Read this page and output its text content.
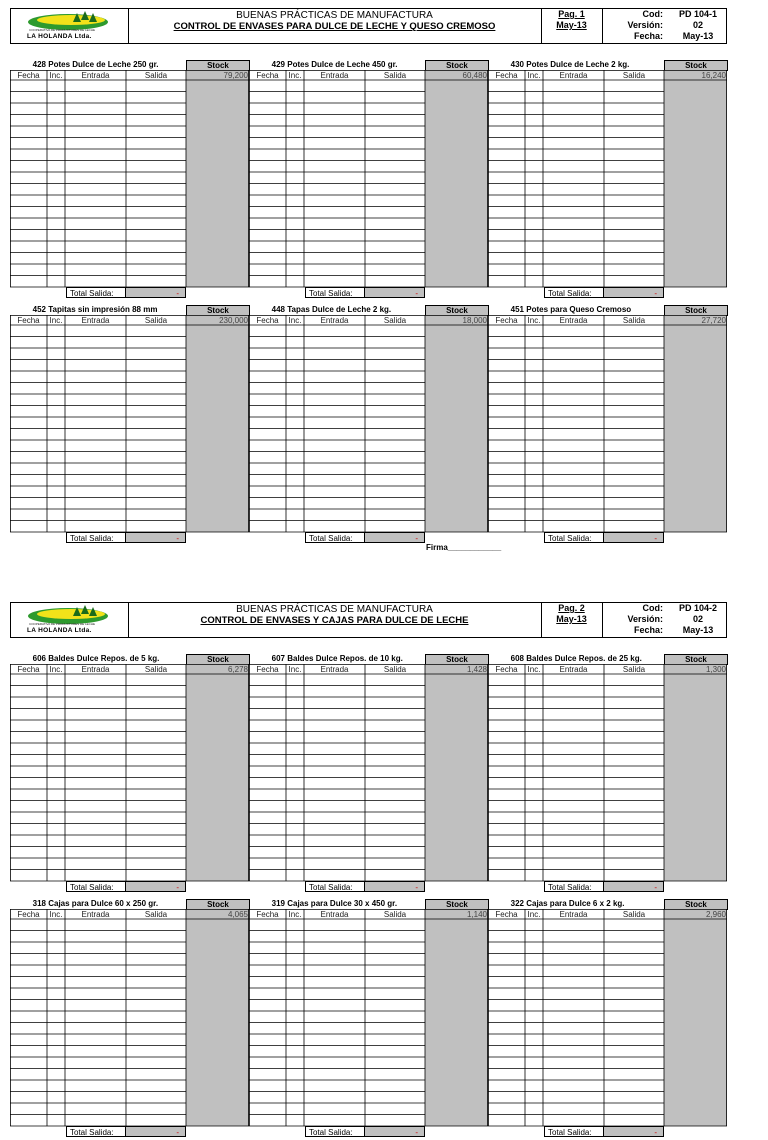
COOPERATIVA DE PRODUCTORES DE LECHE
LA HOLANDA Ltda.
BUENAS PRÁCTICAS DE MANUFACTURA
CONTROL DE ENVASES PARA DULCE DE LECHE Y QUESO CREMOSO
Pag. 1
May-13
Cod:	PD 104-1
Versión:	02
Fecha:	May-13
428 Potes Dulce de Leche 250 gr.	Stock
Fecha	Inc.	Entrada	Salida	79,200
Total Salida:	-
429 Potes Dulce de Leche 450 gr.	Stock
Fecha	Inc.	Entrada	Salida	60,480
Total Salida:	-
430 Potes Dulce de Leche 2 kg.	Stock
Fecha	Inc.	Entrada	Salida	16,240
Total Salida:	-
452 Tapitas sin impresión 88 mm	Stock
Fecha	Inc.	Entrada	Salida	230,000
Total Salida:	-
448 Tapas Dulce de Leche 2 kg.	Stock
Fecha	Inc.	Entrada	Salida	18,000
Total Salida:	-
451 Potes para Queso Cremoso	Stock
Fecha	Inc.	Entrada	Salida	27,720
Total Salida:	-
COOPERATIVA DE PRODUCTORES DE LECHE
LA HOLANDA Ltda.
BUENAS PRÁCTICAS DE MANUFACTURA
CONTROL DE ENVASES Y CAJAS PARA DULCE DE LECHE
Pag. 2
May-13
Cod:	PD 104-2
Versión:	02
Fecha:	May-13
606 Baldes Dulce Repos. de 5 kg.	Stock
Fecha	Inc.	Entrada	Salida	6,278
Total Salida:	-
607 Baldes Dulce Repos. de 10 kg.	Stock
Fecha	Inc.	Entrada	Salida	1,428
Total Salida:	-
608 Baldes Dulce Repos. de 25 kg.	Stock
Fecha	Inc.	Entrada	Salida	1,300
Total Salida:	-
318 Cajas para Dulce 60 x 250 gr.	Stock
Fecha	Inc.	Entrada	Salida	4,065
Total Salida:	-
319 Cajas para Dulce 30 x 450 gr.	Stock
Fecha	Inc.	Entrada	Salida	1,140
Total Salida:	-
322 Cajas para Dulce 6 x 2 kg.	Stock
Fecha	Inc.	Entrada	Salida	2,960
Total Salida:	-
Firma____________
